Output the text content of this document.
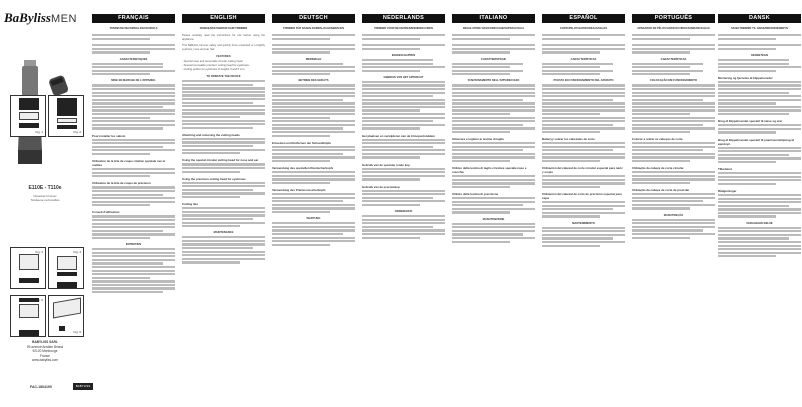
BaBylissMEN
E110E - T110e
Nose/ear trimmer
Tondeuse nez/oreilles
Fig. 1	Fig. 2
Fig. 3	Fig. 4
Fig. 5
Fig. 6
BABYLISS SARL
99 avenue Aristide Briand
92120 Montrouge
France
www.babyliss.com
FAC-1804190	BABYLISS
FRANÇAIS
TONDEUSE NEZ/OREILLES/SOURCILS
CARACTERISTIQUES
MISE EN MARCHE DE L'APPAREIL
Pour installer les sabots
Utilisation de la tête de coupe rotative spéciale nez et oreilles
Utilisation de la tête de coupe de précision
Conseil d'utilisation
ENTRETIEN
ENGLISH
NOSE/EAR/EYEBROW HAIR TRIMMER
Please carefully read the instructions for use before using the appliance.
This BaByliss trimmer safely and quickly trims unwanted or unsightly eyebrow, nose and ear hair.
FEATURES
- Special nose and removable circular cutting head.
- Special removable precision cutting head for eyebrows.
- Cutting guides for eyebrows of heights 3 and 5 mm.
TO OPERATE THE DEVICE
Attaching and removing the cutting heads
Using the special circular cutting head for nose and ear
Using the precision cutting head for eyebrows
Cutting tips
MAINTENANCE
DEUTSCH
TRIMMER FÜR NASEN-/OHREN-/AUGENBRAUEN
MERKMALE
BETRIEB DES GERÄTS
Einsetzen und Entfernen der Schneidköpfe
Verwendung des speziellen Rundscherkopfs
Verwendung des Präzisionsscherkopfs
WARTUNG
NEDERLANDS
TRIMMER VOOR NEUS/OREN/WENKBRAUWEN
EIGENSCHAPPEN
GEBRUIK VAN HET APPARAAT
Het plaatsen en verwijderen van de trimopzetstukken
Gebruik van de speciale ronde kop
Gebruik van de precisiekop
ONDERHOUD
ITALIANO
REGOLATORE NASO/ORECCHIE/SOPRACCIGLIA
CARATTERISTICHE
FUNZIONAMENTO DELL'APPARECCHIO
Attaccare e togliere le testine di taglio
Utilizzo della testina di taglio circolare speciale naso e orecchie
Utilizzo della testina di precisione
MANUTENZIONE
ESPAÑOL
CORTAPELOS NARIZ/OREJAS/CEJAS
CARACTERÍSTICAS
PUESTA EN FUNCIONAMIENTO DEL APARATO
Batteryy sobrar los cabezales de corte
Utilización del cabezal de corte circular especial para nariz y orejas
Utilización del cabezal de corte de precisión especial para cejas
MANTENIMIENTO
PORTUGUÊS
APARADOR DE PÊLOS NARIZ/OUVIDOS/SOBRANCELHAS
CARACTERÍSTICAS
COLOCAÇÃO EM FUNCIONAMENTO
Colocar e retirar as cabeças de corte
Utilização da cabeça de corte circular
Utilização da cabeça de corte de precisão
MANUTENÇÃO
DANSK
SKÆGTRIMMER TIL NÆSE/ØRER/ØJENBRYN
KENDETEGN
Montering og fjernelse af klippehoveder
Brug af klippehovedet specielt til næse og ører
Brug af klippehovedet specielt til præcisionsklipning af øjenbryn
Tilbehøret
Rådgivninger
VEDLIGEHOLDELSE
